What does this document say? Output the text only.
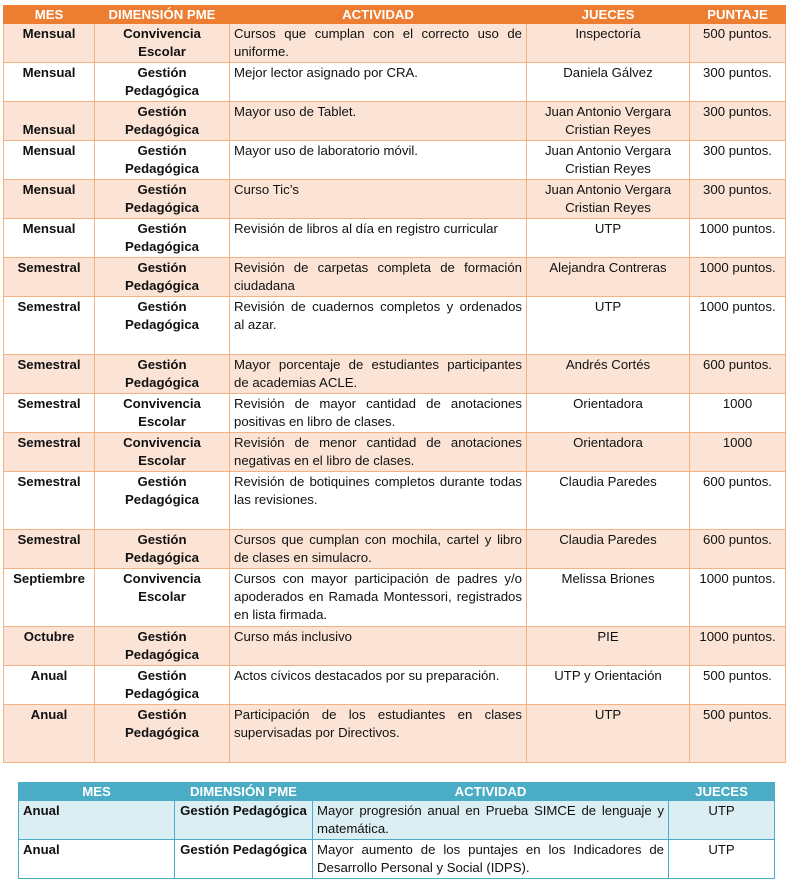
MES	DIMENSIÓN PME	ACTIVIDAD	JUECES	PUNTAJE

Mensual	Convivencia Escolar	Cursos que cumplan con el correcto uso de uniforme.	Inspectoría	500 puntos.

Mensual	Gestión Pedagógica	Mejor lector asignado por CRA.	Daniela Gálvez	300 puntos.

Mensual	Gestión Pedagógica	Mayor uso de Tablet.	Juan Antonio Vergara Cristian Reyes	300 puntos.

Mensual	Gestión Pedagógica	Mayor uso de laboratorio móvil.	Juan Antonio Vergara Cristian Reyes	300 puntos.

Mensual	Gestión Pedagógica	Curso Tic’s	Juan Antonio Vergara Cristian Reyes	300 puntos.

Mensual	Gestión Pedagógica	Revisión de libros al día en registro curricular	UTP	1000 puntos.

Semestral	Gestión Pedagógica	Revisión de carpetas completa de formación ciudadana	Alejandra Contreras	1000 puntos.

Semestral	Gestión Pedagógica	Revisión de cuadernos completos y ordenados al azar.	UTP	1000 puntos.

Semestral	Gestión Pedagógica	Mayor porcentaje de estudiantes participantes de academias ACLE.	Andrés Cortés	600 puntos.

Semestral	Convivencia Escolar	Revisión de mayor cantidad de anotaciones positivas en libro de clases.	Orientadora	1000

Semestral	Convivencia Escolar	Revisión de menor cantidad de anotaciones negativas en el libro de clases.	Orientadora	1000

Semestral	Gestión Pedagógica	Revisión de botiquines completos durante todas las revisiones.	Claudia Paredes	600 puntos.

Semestral	Gestión Pedagógica	Cursos que cumplan con mochila, cartel y libro de clases en simulacro.	Claudia Paredes	600 puntos.

Septiembre	Convivencia Escolar	Cursos con mayor participación de padres y/o apoderados en Ramada Montessori, registrados en lista firmada.	Melissa Briones	1000 puntos.

Octubre	Gestión Pedagógica	Curso más inclusivo	PIE	1000 puntos.

Anual	Gestión Pedagógica	Actos cívicos destacados por su preparación.	UTP y Orientación	500 puntos.

Anual	Gestión Pedagógica	Participación de los estudiantes en clases supervisadas por Directivos.	UTP	500 puntos.
MES	DIMENSIÓN PME	ACTIVIDAD	JUECES

Anual	Gestión Pedagógica	Mayor progresión anual en Prueba SIMCE de lenguaje y matemática.	UTP

Anual	Gestión Pedagógica	Mayor aumento de los puntajes en los Indicadores de Desarrollo Personal y Social (IDPS).	UTP
